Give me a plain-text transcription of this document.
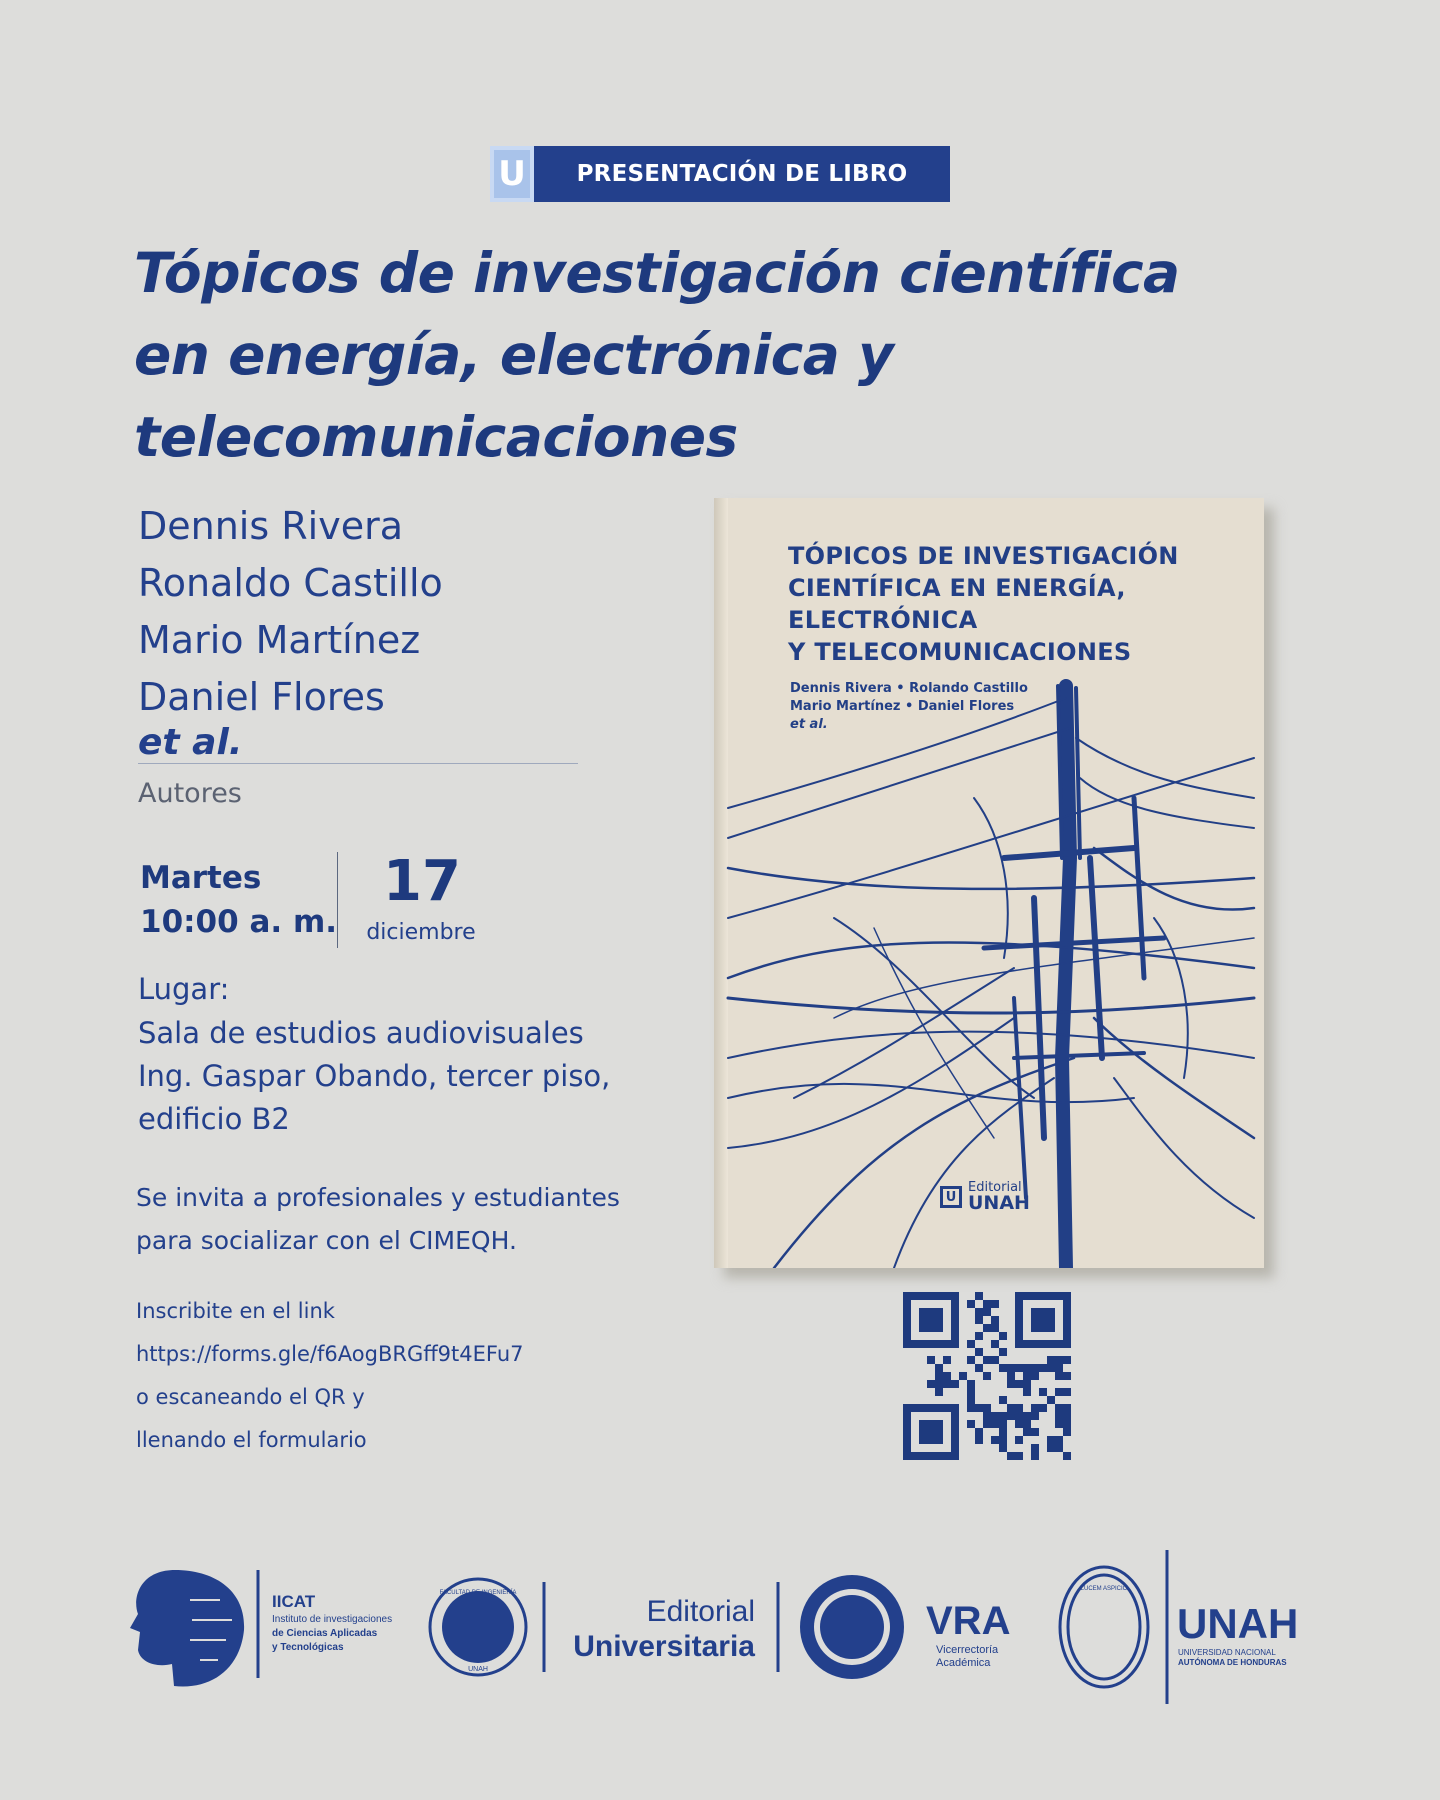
U	PRESENTACIÓN DE LIBRO
Tópicos de investigación científica
en energía, electrónica y
telecomunicaciones
Dennis Rivera
Ronaldo Castillo
Mario Martínez
Daniel Flores
et al.
Autores
Martes
10:00 a. m.
17
diciembre
Lugar:
Sala de estudios audiovisuales
Ing. Gaspar Obando, tercer piso,
edificio B2
Se invita a profesionales y estudiantes
para socializar con el CIMEQH.
Inscribite en el link
https://forms.gle/f6AogBRGff9t4EFu7
o escaneando el QR y
llenando el formulario
TÓPICOS DE INVESTIGACIÓN
CIENTÍFICA EN ENERGÍA,
ELECTRÓNICA
Y TELECOMUNICACIONES
Dennis Rivera • Rolando Castillo
Mario Martínez • Daniel Flores
et al.
U
Editorial
UNAH
IICAT
Instituto de investigaciones
de Ciencias Aplicadas
y Tecnológicas
Editorial
Universitaria
VRA
Vicerrectoría
Académica
UNAH
UNIVERSIDAD NACIONAL
AUTÓNOMA DE HONDURAS
FACULTAD DE INGENIERÍA
UNAH
LUCEM ASPICIO
